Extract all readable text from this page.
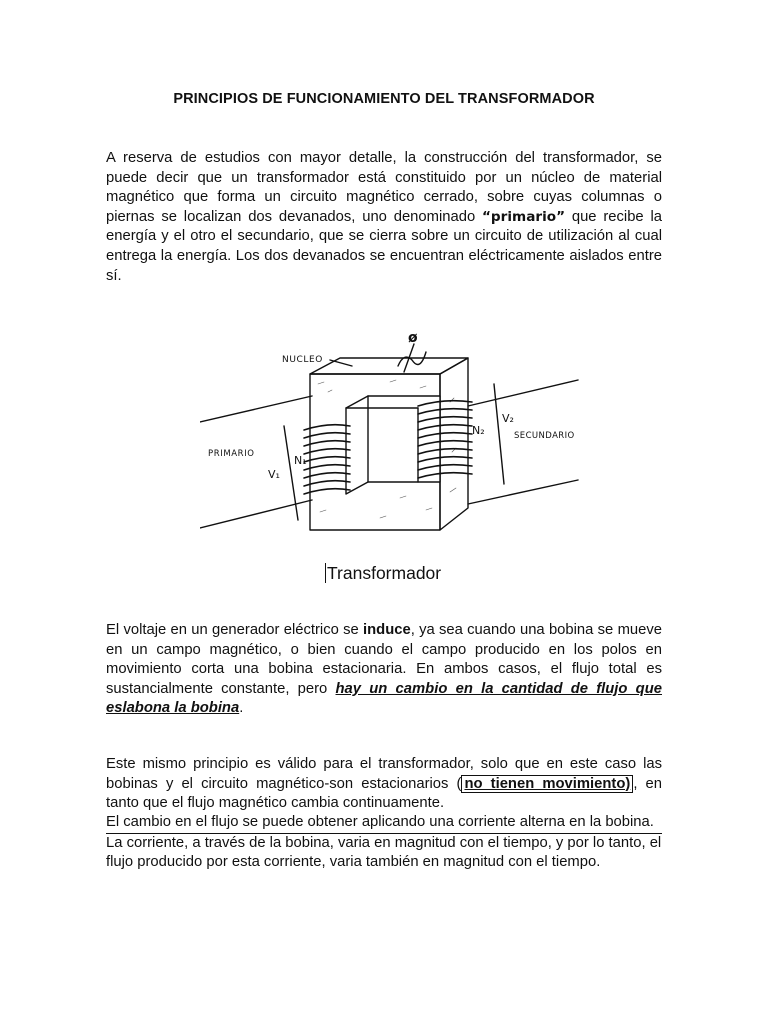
PRINCIPIOS DE FUNCIONAMIENTO DEL TRANSFORMADOR
A reserva de estudios con mayor detalle, la construcción del transformador, se puede decir que un transformador está constituido por un núcleo de material magnético que forma un circuito magnético cerrado, sobre cuyas columnas o piernas se localizan dos devanados, uno denominado “primario” que recibe la energía y el otro el secundario, que se cierra sobre un circuito de utilización al cual entrega la energía. Los dos devanados se encuentran eléctricamente aislados entre sí.
NUCLEO
ø
PRIMARIO
SECUNDARIO
V₁
V₂
N₁
N₂
Transformador
El voltaje en un generador eléctrico se induce, ya sea cuando una bobina se mueve en un campo magnético, o bien cuando el campo producido en los polos en movimiento corta una bobina estacionaria. En ambos casos, el flujo total es sustancialmente constante, pero hay un cambio en la cantidad de flujo que eslabona la bobina.
Este mismo principio es válido para el transformador, solo que en este caso las bobinas y el circuito magnético-son estacionarios ( no tienen movimiento) , en tanto que el flujo magnético cambia continuamente.
El cambio en el flujo se puede obtener aplicando una corriente alterna en la bobina.
La corriente, a través de la bobina, varia en magnitud con el tiempo, y por lo tanto, el flujo producido por esta corriente, varia también en magnitud con el tiempo.
